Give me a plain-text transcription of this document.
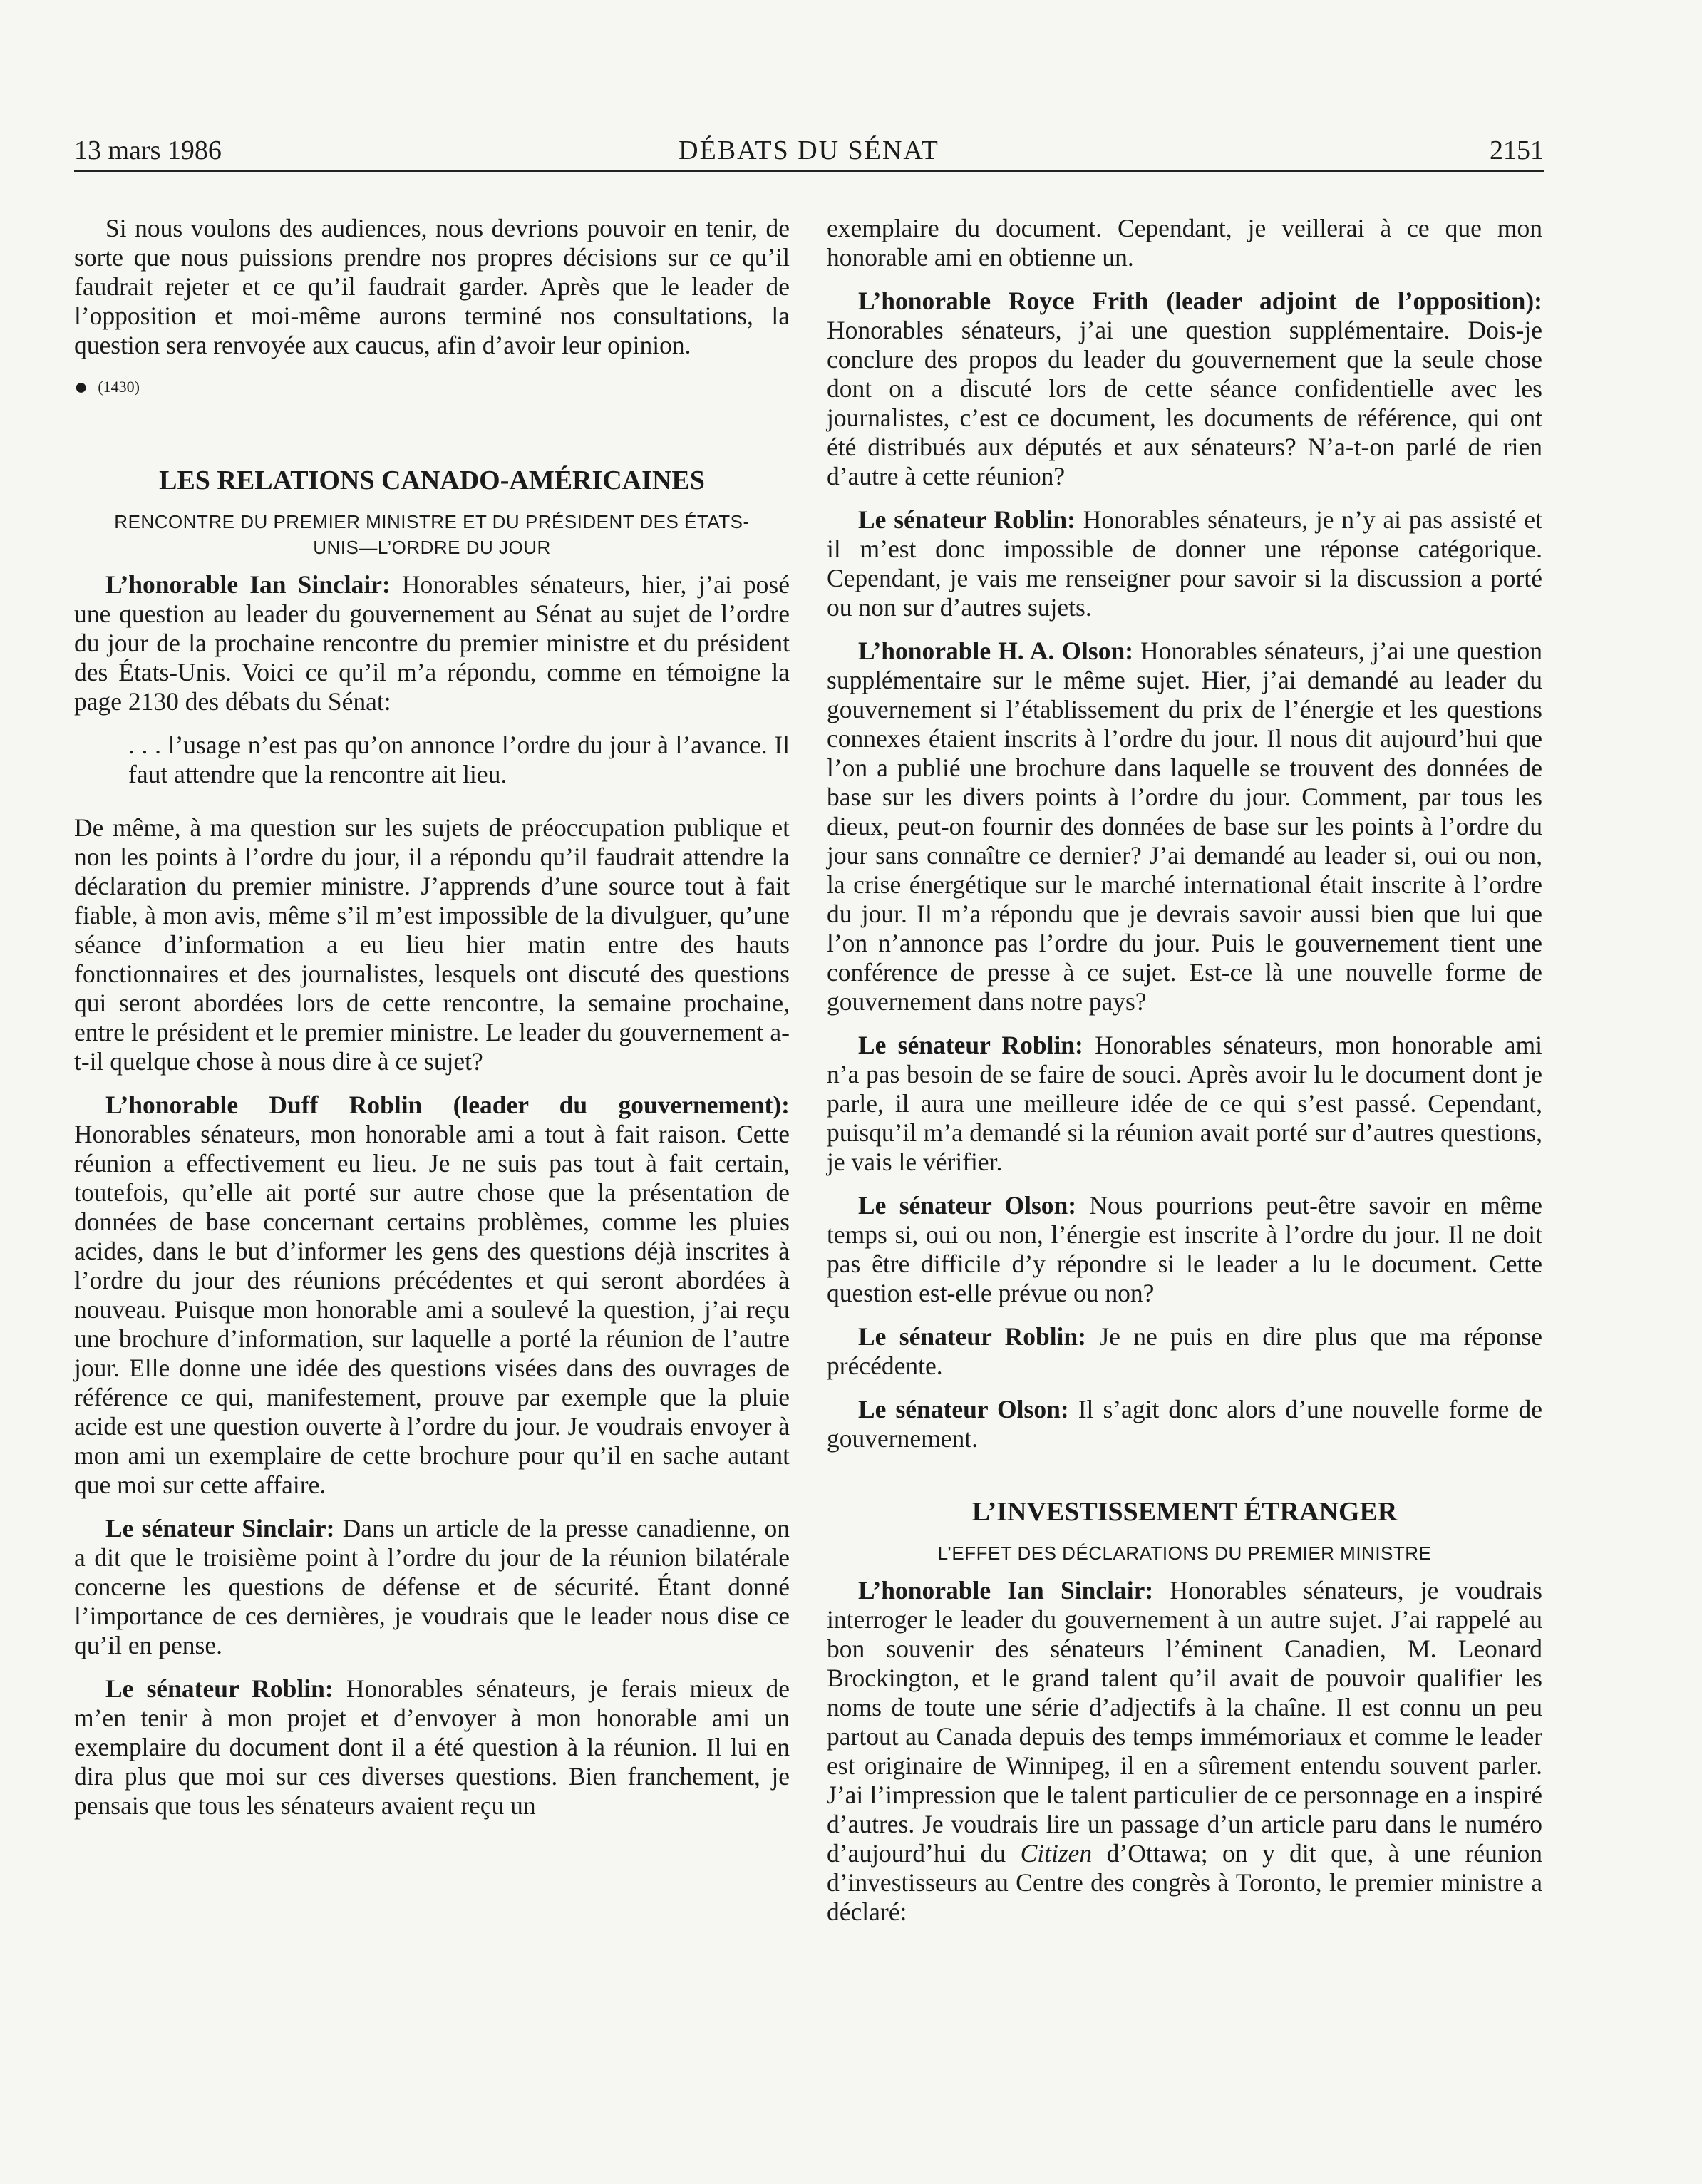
13 mars 1986	DÉBATS DU SÉNAT	2151

Si nous voulons des audiences, nous devrions pouvoir en tenir, de sorte que nous puissions prendre nos propres décisions sur ce qu’il faudrait rejeter et ce qu’il faudrait garder. Après que le leader de l’opposition et moi-même aurons terminé nos consultations, la question sera renvoyée aux caucus, afin d’avoir leur opinion.

● (1430)
LES RELATIONS CANADO-AMÉRICAINES
RENCONTRE DU PREMIER MINISTRE ET DU PRÉSIDENT DES ÉTATS-UNIS—L’ORDRE DU JOUR

L’honorable Ian Sinclair: Honorables sénateurs, hier, j’ai posé une question au leader du gouvernement au Sénat au sujet de l’ordre du jour de la prochaine rencontre du premier ministre et du président des États-Unis. Voici ce qu’il m’a répondu, comme en témoigne la page 2130 des débats du Sénat:

. . . l’usage n’est pas qu’on annonce l’ordre du jour à l’avance. Il faut attendre que la rencontre ait lieu.

De même, à ma question sur les sujets de préoccupation publique et non les points à l’ordre du jour, il a répondu qu’il faudrait attendre la déclaration du premier ministre. J’apprends d’une source tout à fait fiable, à mon avis, même s’il m’est impossible de la divulguer, qu’une séance d’information a eu lieu hier matin entre des hauts fonctionnaires et des journalistes, lesquels ont discuté des questions qui seront abordées lors de cette rencontre, la semaine prochaine, entre le président et le premier ministre. Le leader du gouvernement a-t-il quelque chose à nous dire à ce sujet?

L’honorable Duff Roblin (leader du gouvernement): Honorables sénateurs, mon honorable ami a tout à fait raison. Cette réunion a effectivement eu lieu. Je ne suis pas tout à fait certain, toutefois, qu’elle ait porté sur autre chose que la présentation de données de base concernant certains problèmes, comme les pluies acides, dans le but d’informer les gens des questions déjà inscrites à l’ordre du jour des réunions précédentes et qui seront abordées à nouveau. Puisque mon honorable ami a soulevé la question, j’ai reçu une brochure d’information, sur laquelle a porté la réunion de l’autre jour. Elle donne une idée des questions visées dans des ouvrages de référence ce qui, manifestement, prouve par exemple que la pluie acide est une question ouverte à l’ordre du jour. Je voudrais envoyer à mon ami un exemplaire de cette brochure pour qu’il en sache autant que moi sur cette affaire.

Le sénateur Sinclair: Dans un article de la presse canadienne, on a dit que le troisième point à l’ordre du jour de la réunion bilatérale concerne les questions de défense et de sécurité. Étant donné l’importance de ces dernières, je voudrais que le leader nous dise ce qu’il en pense.

Le sénateur Roblin: Honorables sénateurs, je ferais mieux de m’en tenir à mon projet et d’envoyer à mon honorable ami un exemplaire du document dont il a été question à la réunion. Il lui en dira plus que moi sur ces diverses questions. Bien franchement, je pensais que tous les sénateurs avaient reçu un

exemplaire du document. Cependant, je veillerai à ce que mon honorable ami en obtienne un.

L’honorable Royce Frith (leader adjoint de l’opposition): Honorables sénateurs, j’ai une question supplémentaire. Dois-je conclure des propos du leader du gouvernement que la seule chose dont on a discuté lors de cette séance confidentielle avec les journalistes, c’est ce document, les documents de référence, qui ont été distribués aux députés et aux sénateurs? N’a-t-on parlé de rien d’autre à cette réunion?

Le sénateur Roblin: Honorables sénateurs, je n’y ai pas assisté et il m’est donc impossible de donner une réponse catégorique. Cependant, je vais me renseigner pour savoir si la discussion a porté ou non sur d’autres sujets.

L’honorable H. A. Olson: Honorables sénateurs, j’ai une question supplémentaire sur le même sujet. Hier, j’ai demandé au leader du gouvernement si l’établissement du prix de l’énergie et les questions connexes étaient inscrits à l’ordre du jour. Il nous dit aujourd’hui que l’on a publié une brochure dans laquelle se trouvent des données de base sur les divers points à l’ordre du jour. Comment, par tous les dieux, peut-on fournir des données de base sur les points à l’ordre du jour sans connaître ce dernier? J’ai demandé au leader si, oui ou non, la crise énergétique sur le marché international était inscrite à l’ordre du jour. Il m’a répondu que je devrais savoir aussi bien que lui que l’on n’annonce pas l’ordre du jour. Puis le gouvernement tient une conférence de presse à ce sujet. Est-ce là une nouvelle forme de gouvernement dans notre pays?

Le sénateur Roblin: Honorables sénateurs, mon honorable ami n’a pas besoin de se faire de souci. Après avoir lu le document dont je parle, il aura une meilleure idée de ce qui s’est passé. Cependant, puisqu’il m’a demandé si la réunion avait porté sur d’autres questions, je vais le vérifier.

Le sénateur Olson: Nous pourrions peut-être savoir en même temps si, oui ou non, l’énergie est inscrite à l’ordre du jour. Il ne doit pas être difficile d’y répondre si le leader a lu le document. Cette question est-elle prévue ou non?

Le sénateur Roblin: Je ne puis en dire plus que ma réponse précédente.

Le sénateur Olson: Il s’agit donc alors d’une nouvelle forme de gouvernement.

L’INVESTISSEMENT ÉTRANGER
L’EFFET DES DÉCLARATIONS DU PREMIER MINISTRE

L’honorable Ian Sinclair: Honorables sénateurs, je voudrais interroger le leader du gouvernement à un autre sujet. J’ai rappelé au bon souvenir des sénateurs l’éminent Canadien, M. Leonard Brockington, et le grand talent qu’il avait de pouvoir qualifier les noms de toute une série d’adjectifs à la chaîne. Il est connu un peu partout au Canada depuis des temps immémoriaux et comme le leader est originaire de Winnipeg, il en a sûrement entendu souvent parler. J’ai l’impression que le talent particulier de ce personnage en a inspiré d’autres. Je voudrais lire un passage d’un article paru dans le numéro d’aujourd’hui du Citizen d’Ottawa; on y dit que, à une réunion d’investisseurs au Centre des congrès à Toronto, le premier ministre a déclaré:
